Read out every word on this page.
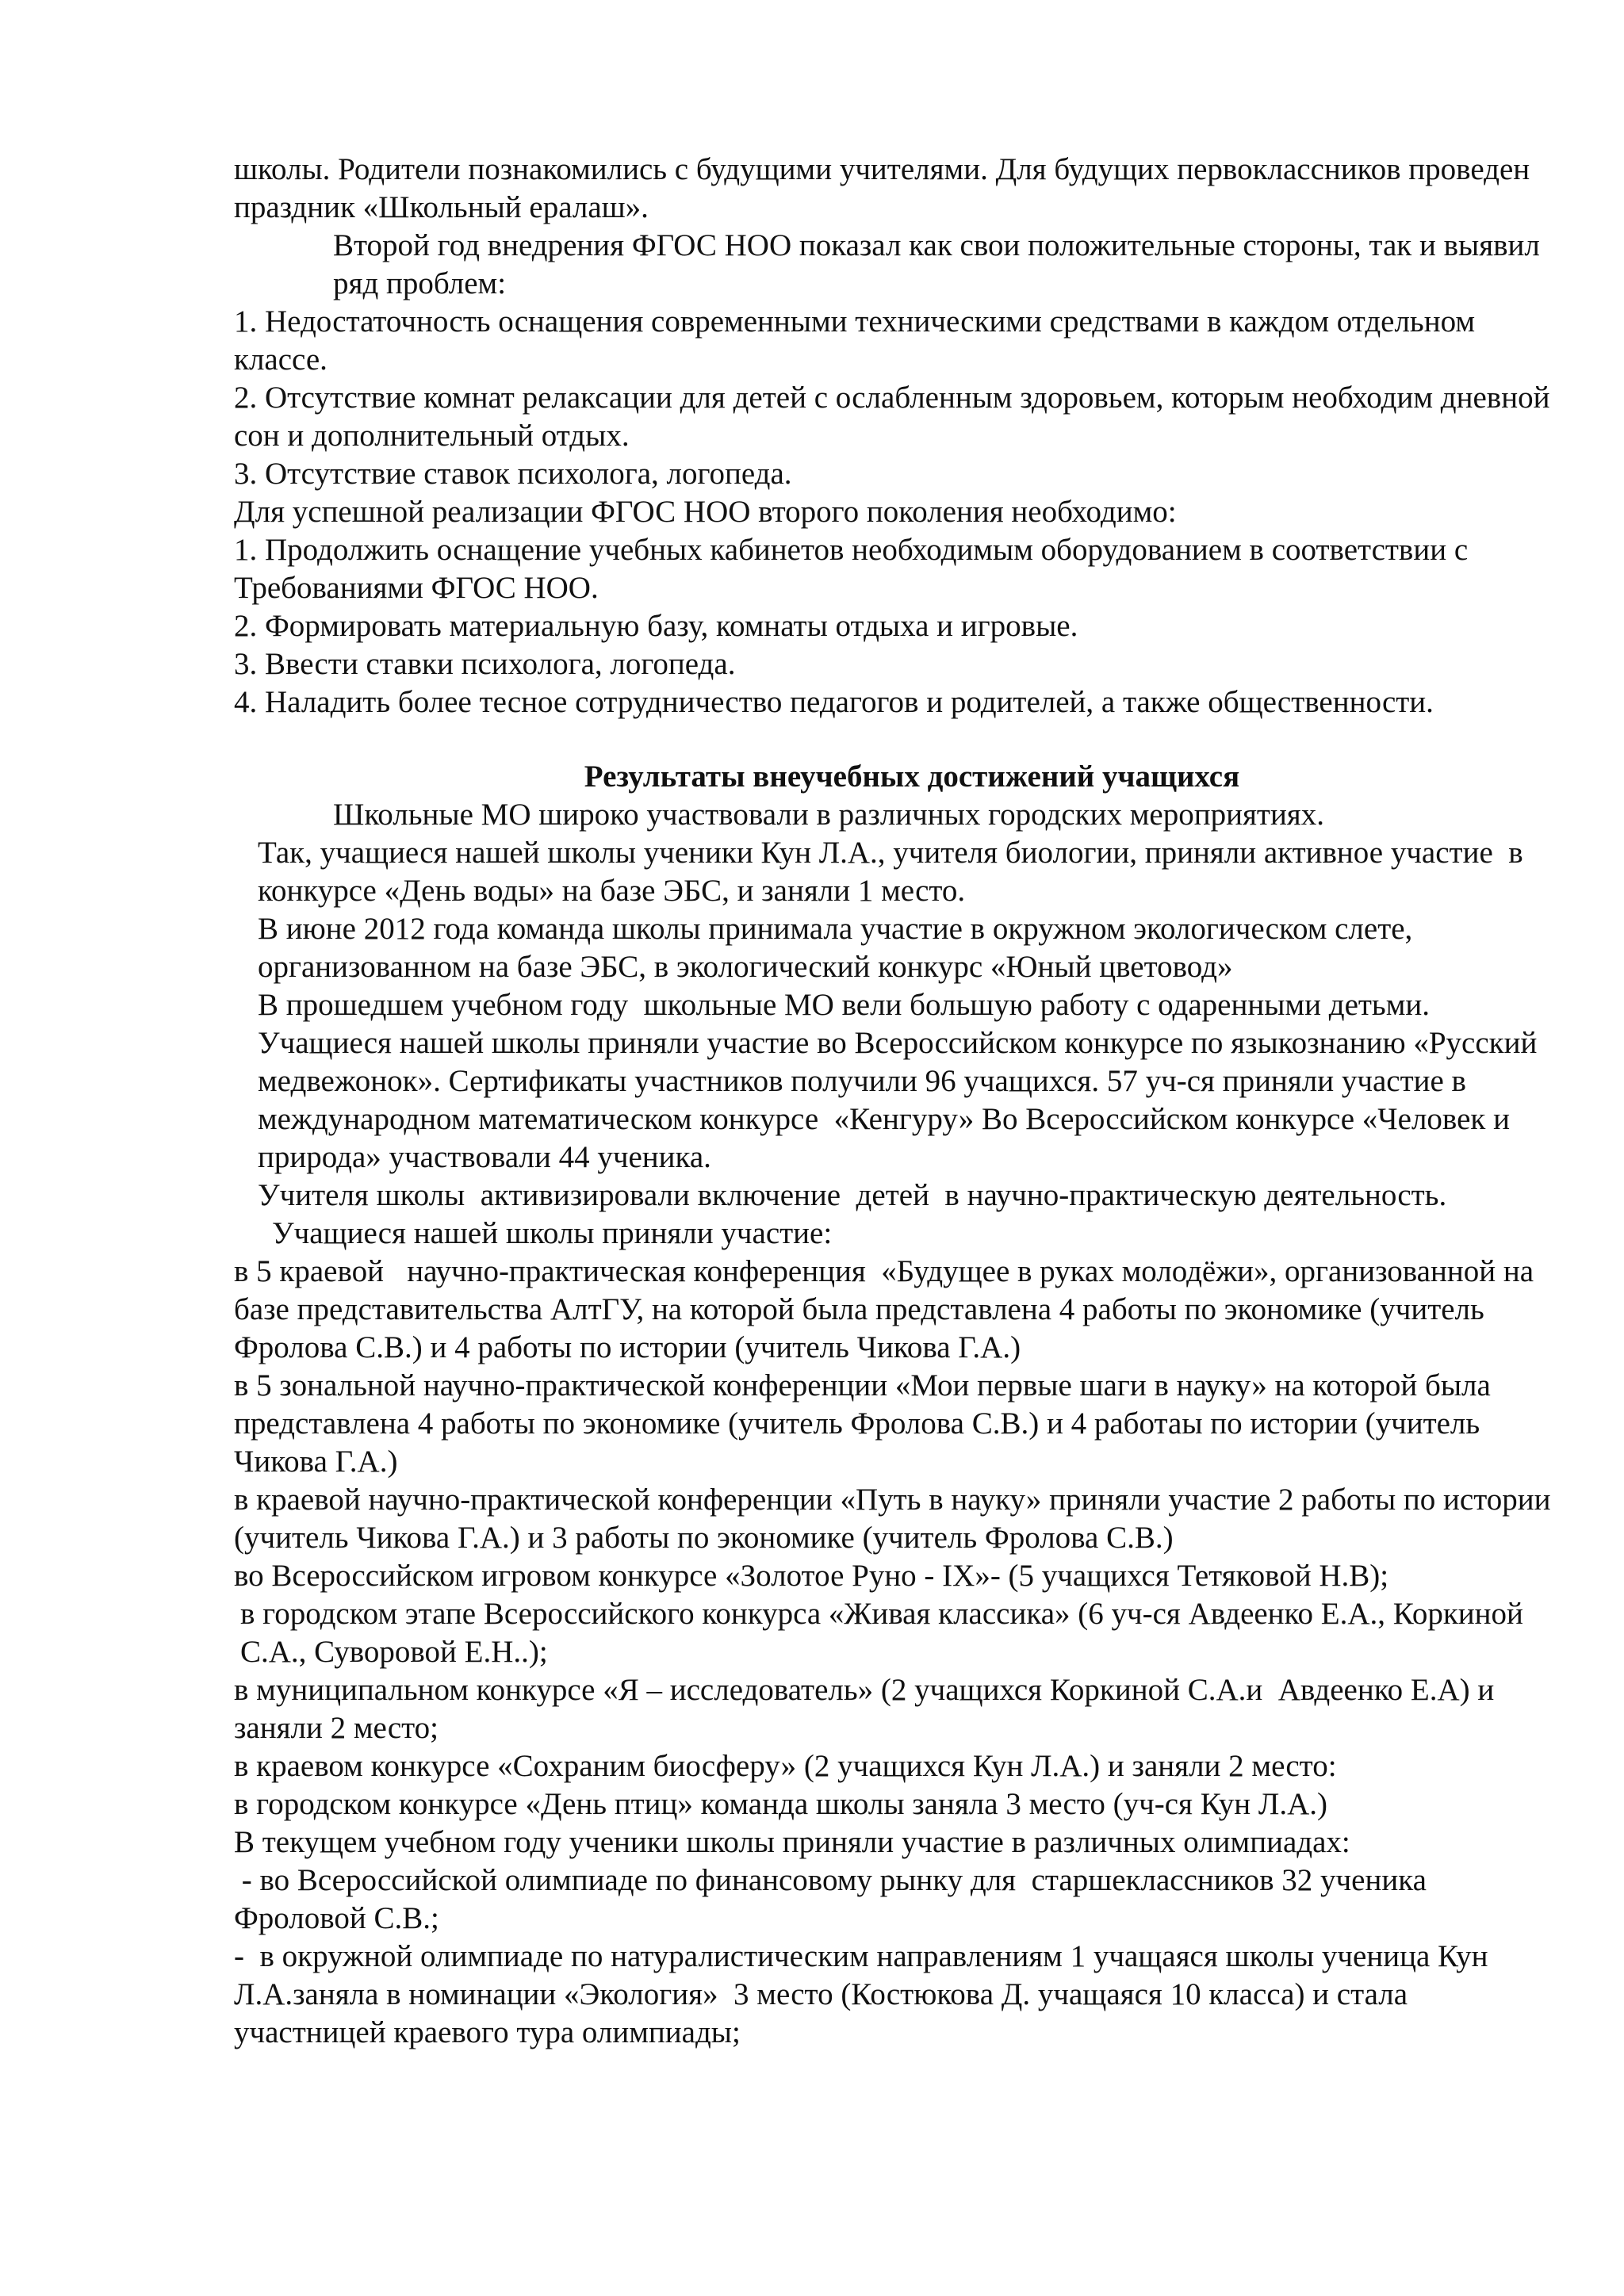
школы. Родители познакомились с будущими учителями. Для будущих первоклассников проведен праздник «Школьный ералаш».

Второй год внедрения ФГОС НОО показал как свои положительные стороны, так и выявил ряд проблем:

1. Недостаточность оснащения современными техническими средствами в каждом отдельном классе.

2. Отсутствие комнат релаксации для детей с ослабленным здоровьем, которым необходим дневной сон и дополнительный отдых.

3. Отсутствие ставок психолога, логопеда.

Для успешной реализации ФГОС НОО второго поколения необходимо:

1. Продолжить оснащение учебных кабинетов необходимым оборудованием в соответствии с Требованиями ФГОС НОО.

2. Формировать материальную базу, комнаты отдыха и игровые.

3. Ввести ставки психолога, логопеда.

4. Наладить более тесное сотрудничество педагогов и родителей, а также общественности.

Результаты внеучебных достижений учащихся

Школьные МО широко участвовали в различных городских мероприятиях.

Так, учащиеся нашей школы ученики Кун Л.А., учителя биологии, приняли активное участие  в конкурсе «День воды» на базе ЭБС, и заняли 1 место.

В июне 2012 года команда школы принимала участие в окружном экологическом слете, организованном на базе ЭБС, в экологический конкурс «Юный цветовод»

В прошедшем учебном году  школьные МО вели большую работу с одаренными детьми. Учащиеся нашей школы приняли участие во Всероссийском конкурсе по языкознанию «Русский медвежонок». Сертификаты участников получили 96 учащихся. 57 уч-ся приняли участие в международном математическом конкурсе  «Кенгуру» Во Всероссийском конкурсе «Человек и природа» участвовали 44 ученика.

Учителя школы  активизировали включение  детей  в научно-практическую деятельность.

Учащиеся нашей школы приняли участие:

в 5 краевой   научно-практическая конференция  «Будущее в руках молодёжи», организованной на базе представительства АлтГУ, на которой была представлена 4 работы по экономике (учитель Фролова С.В.) и 4 работы по истории (учитель Чикова Г.А.)

в 5 зональной научно-практической конференции «Мои первые шаги в науку» на которой была представлена 4 работы по экономике (учитель Фролова С.В.) и 4 работаы по истории (учитель Чикова Г.А.)

в краевой научно-практической конференции «Путь в науку» приняли участие 2 работы по истории (учитель Чикова Г.А.) и 3 работы по экономике (учитель Фролова С.В.)

во Всероссийском игровом конкурсе «Золотое Руно - IX»- (5 учащихся Тетяковой Н.В);

в городском этапе Всероссийского конкурса «Живая классика» (6 уч-ся Авдеенко Е.А., Коркиной С.А., Суворовой Е.Н..);

в муниципальном конкурсе «Я – исследователь» (2 учащихся Коркиной С.А.и  Авдеенко Е.А) и заняли 2 место;

в краевом конкурсе «Сохраним биосферу» (2 учащихся Кун Л.А.) и заняли 2 место:

в городском конкурсе «День птиц» команда школы заняла 3 место (уч-ся Кун Л.А.)

В текущем учебном году ученики школы приняли участие в различных олимпиадах:

- во Всероссийской олимпиаде по финансовому рынку для  старшеклассников 32 ученика Фроловой С.В.;

-  в окружной олимпиаде по натуралистическим направлениям 1 учащаяся школы ученица Кун Л.А.заняла в номинации «Экология»  3 место (Костюкова Д. учащаяся 10 класса) и стала участницей краевого тура олимпиады;
